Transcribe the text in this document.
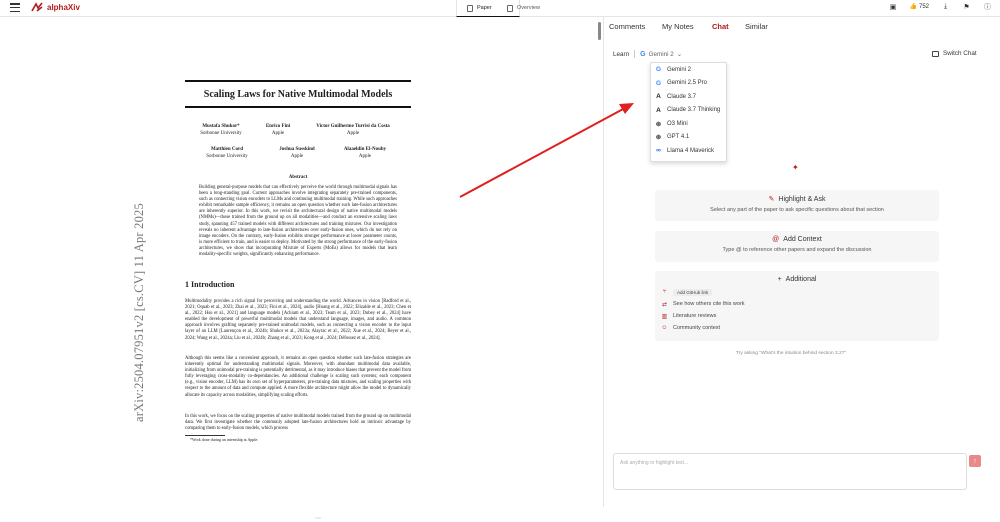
alphaXiv	Paper	Overview	▣ 👍 752	⤓	⚑ ⓘ
arXiv:2504.07951v2 [cs.CV] 11 Apr 2025
Scaling Laws for Native Multimodal Models
Mustafa Shukor*
Sorbonne University
Enrico Fini
Apple
Victor Guilherme Turrisi da Costa
Apple
Matthieu Cord
Sorbonne University
Joshua Susskind
Apple
Alaaeldin El-Nouby
Apple
Abstract
Building general-purpose models that can effectively perceive the world through multimodal signals has been a long-standing goal. Current approaches involve integrating separately pre-trained components, such as connecting vision encoders to LLMs and continuing multimodal training. While such approaches exhibit remarkable sample efficiency, it remains an open question whether such late-fusion architectures are inherently superior. In this work, we revisit the architectural design of native multimodal models (NMMs)—those trained from the ground up on all modalities—and conduct an extensive scaling laws study, spanning 457 trained models with different architectures and training mixtures. Our investigation reveals no inherent advantage to late-fusion architectures over early-fusion ones, which do not rely on image encoders. On the contrary, early-fusion exhibits stronger performance at lower parameter counts, is more efficient to train, and is easier to deploy. Motivated by the strong performance of the early-fusion architectures, we show that incorporating Mixture of Experts (MoEs) allows for models that learn modality-specific weights, significantly enhancing performance.
1 Introduction
Multimodality provides a rich signal for perceiving and understanding the world. Advances in vision [Radford et al., 2021; Oquab et al., 2023; Zhai et al., 2023; Fini et al., 2024], audio [Huang et al., 2022; Elizalde et al., 2023; Chen et al., 2022; Hsu et al., 2021] and language models [Achiam et al., 2023; Team et al., 2023; Dubey et al., 2024] have enabled the development of powerful multimodal models that understand language, images, and audio. A common approach involves grafting separately pre-trained unimodal models, such as connecting a vision encoder to the input layer of an LLM [Laurençon et al., 2024b; Shukor et al., 2023a; Alayrac et al., 2022; Xue et al., 2024; Beyer et al., 2024; Wang et al., 2024a; Liu et al., 2024b; Zhang et al., 2023; Kong et al., 2024; Défossez et al., 2024].
Although this seems like a convenient approach, it remains an open question whether such late-fusion strategies are inherently optimal for understanding multimodal signals. Moreover, with abundant multimodal data available, initializing from unimodal pre-training is potentially detrimental, as it may introduce biases that prevent the model from fully leveraging cross-modality co-dependancies. An additional challenge is scaling such systems; each component (e.g., vision encoder, LLM) has its own set of hyperparameters, pre-training data mixtures, and scaling properties with respect to the amount of data and compute applied. A more flexible architecture might allow the model to dynamically allocate its capacity across modalities, simplifying scaling efforts.
In this work, we focus on the scaling properties of native multimodal models trained from the ground up on multimodal data. We first investigate whether the commonly adopted late-fusion architectures hold an intrinsic advantage by comparing them to early-fusion models, which process
*Work done during an internship at Apple.
⋯
Comments My Notes Chat Similar
Learn G Gemini 2 ⌄	Switch Chat
G Gemini 2
G Gemini 2.5 Pro
A Claude 3.7
A Claude 3.7 Thinking
⊛ O3 Mini
⊛ GPT 4.1
∞ Llama 4 Maverick
✦
✎ Highlight & Ask
Select any part of the paper to ask specific questions about that section
@ Add Context
Type @ to reference other papers and expand the discussion
+ Additional
⑂	Add GitHub link
⇄ See how others cite this work
▥ Literature reviews
☺ Community context
Try asking "What's the intuition behind section 3.2?"
Ask anything or highlight text...	↑
